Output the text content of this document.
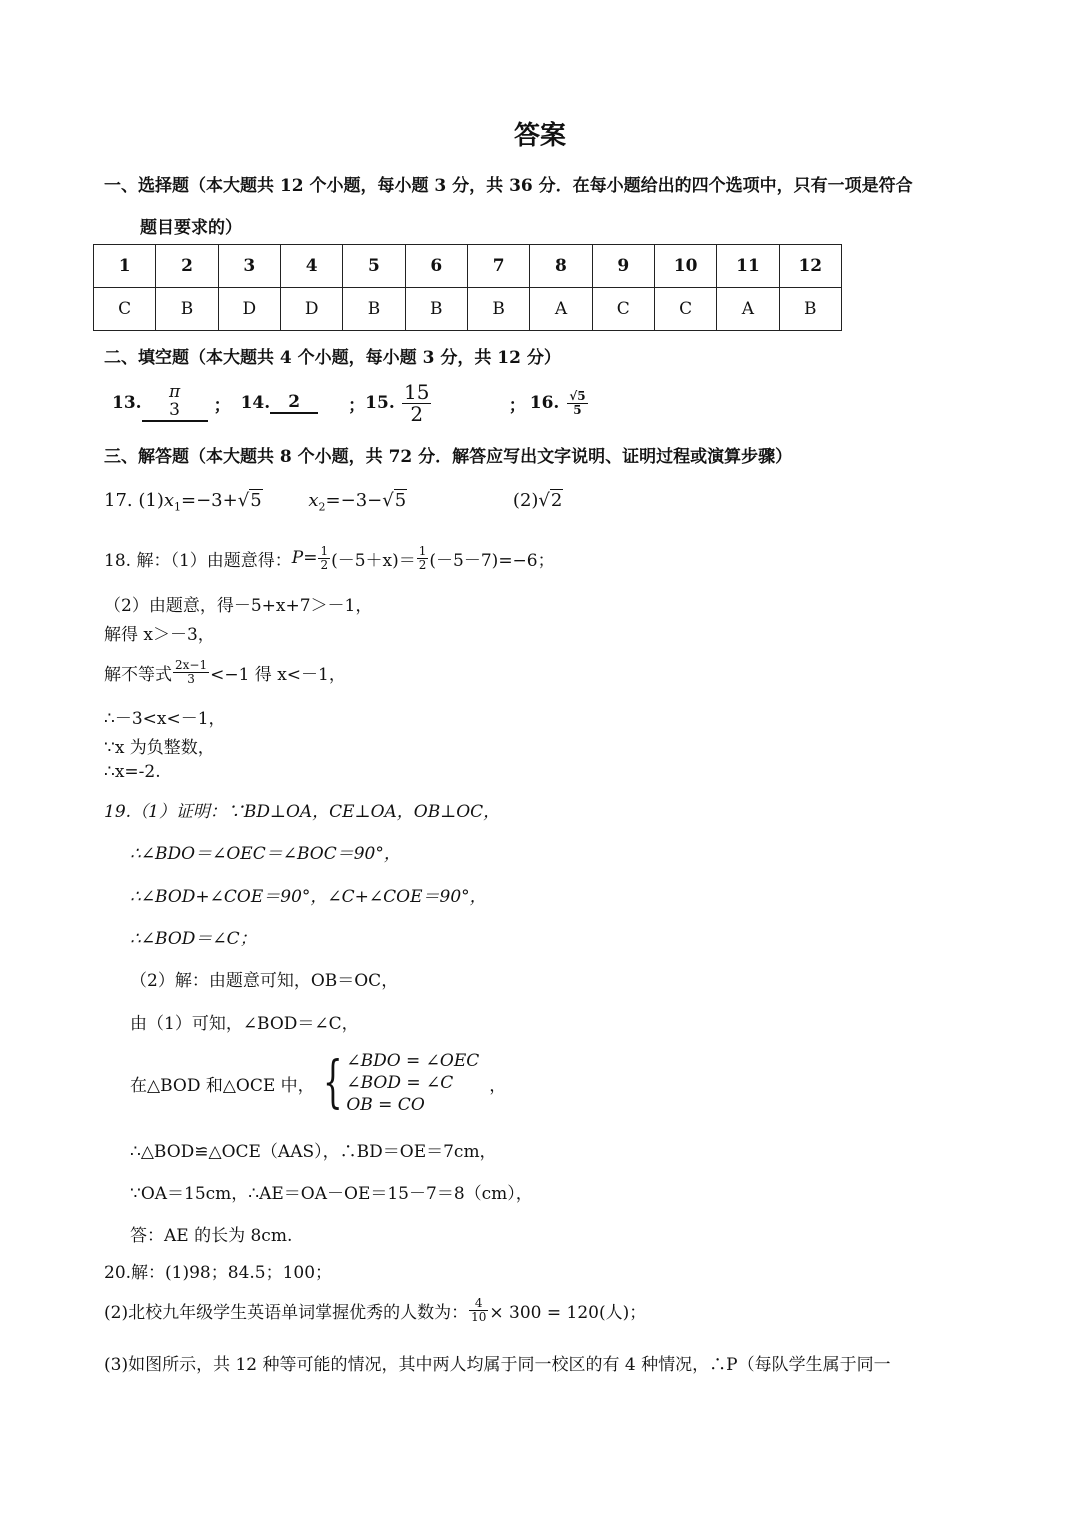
答案
一、选择题（本大题共 12 个小题，每小题 3 分，共 36 分．在每小题给出的四个选项中，只有一项是符合
题目要求的）
1	2	3	4	5	6	7	8	9	10	11	12
C	B	D	D	B	B	B	A	C	C	A	B
二、填空题（本大题共 4 个小题，每小题 3 分，共 12 分）
13.
π
3 ； 14.	2	； 15. $\frac{15}{2}$	； 16. $\frac{√5}{5}$
三、解答题（本大题共 8 个小题，共 72 分．解答应写出文字说明、证明过程或演算步骤）
17. $(1)x_1=-3+√5$	$x_2=-3-√5$	(2)√2
18. 解：（1）由题意得： $P = \frac{1}{2} (-5+x)= \frac{1}{2} (-5-7)=-6$；
（2）由题意，得－5+x+7＞－1，
解得 x＞－3，
解不等式 $\frac{2x-1}{3} <-1$ 得 x<－1，
∴－3<x<－1，
∵x 为负整数，
∴x=-2.
19.（1）证明：∵BD⊥OA，CE⊥OA，OB⊥OC，
∴∠BDO＝∠OEC＝∠BOC＝90°，
∴∠BOD+∠COE＝90°，∠C+∠COE＝90°，
∴∠BOD＝∠C；
（2）解：由题意可知，OB＝OC，
由（1）可知，∠BOD＝∠C，
在△BOD 和△OCE 中， { ∠BDO = ∠OEC
∠BOD = ∠C
OB = CO
，
∴△BOD≌△OCE（AAS），∴BD＝OE＝7cm，
∵OA＝15cm，∴AE＝OA－OE＝15－7＝8（cm），
答：AE 的长为 8cm.
20.解：(1)98；84.5；100；
(2)北校九年级学生英语单词掌握优秀的人数为： $\frac{4}{10} \times 300 = 120$(人)；
(3)如图所示，共 12 种等可能的情况，其中两人均属于同一校区的有 4 种情况，∴P（每队学生属于同一
